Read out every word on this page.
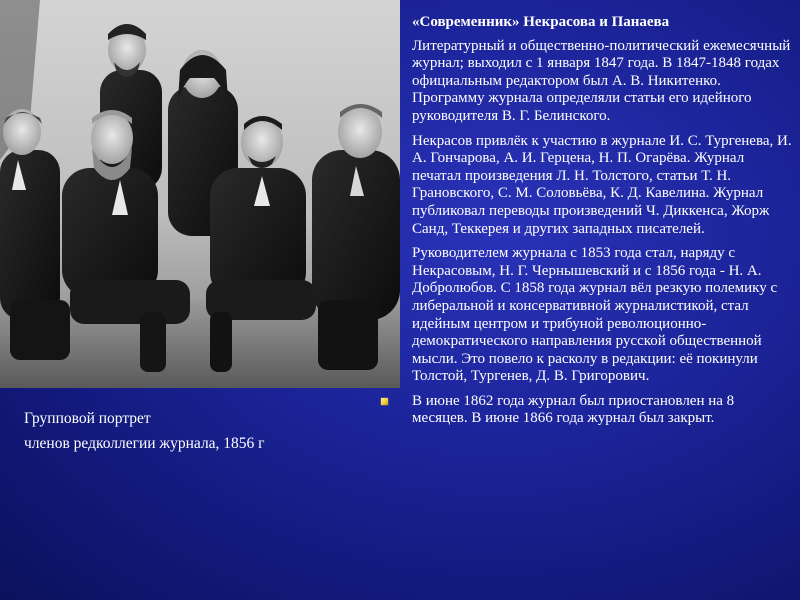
Групповой портрет
членов редколлегии журнала, 1856 г
«Современник» Некрасова и Панаева

Литературный и общественно-политический ежемесячный журнал; выходил с 1 января 1847 года. В 1847-1848 годах официальным редактором был А. В. Никитенко. Программу журнала определяли статьи его идейного руководителя В. Г. Белинского.

Некрасов привлёк к участию в журнале И. С. Тургенева, И. А. Гончарова, А. И. Герцена, Н. П. Огарёва. Журнал печатал произведения Л. Н. Толстого, статьи Т. Н. Грановского, С. М. Соловьёва, К. Д. Кавелина. Журнал публиковал переводы произведений Ч. Диккенса, Жорж Санд, Теккерея и других западных писателей.

Руководителем журнала с 1853 года стал, наряду с Некрасовым, Н. Г. Чернышевский и с 1856 года - Н. А. Добролюбов. С 1858 года журнал вёл резкую полемику с либеральной и консервативной журналистикой, стал идейным центром и трибуной революционно-демократического направления русской общественной мысли. Это повело к расколу в редакции: её покинули Толстой, Тургенев, Д. В. Григорович.

В июне 1862 года журнал был приостановлен на 8 месяцев. В июне 1866 года журнал был закрыт.
